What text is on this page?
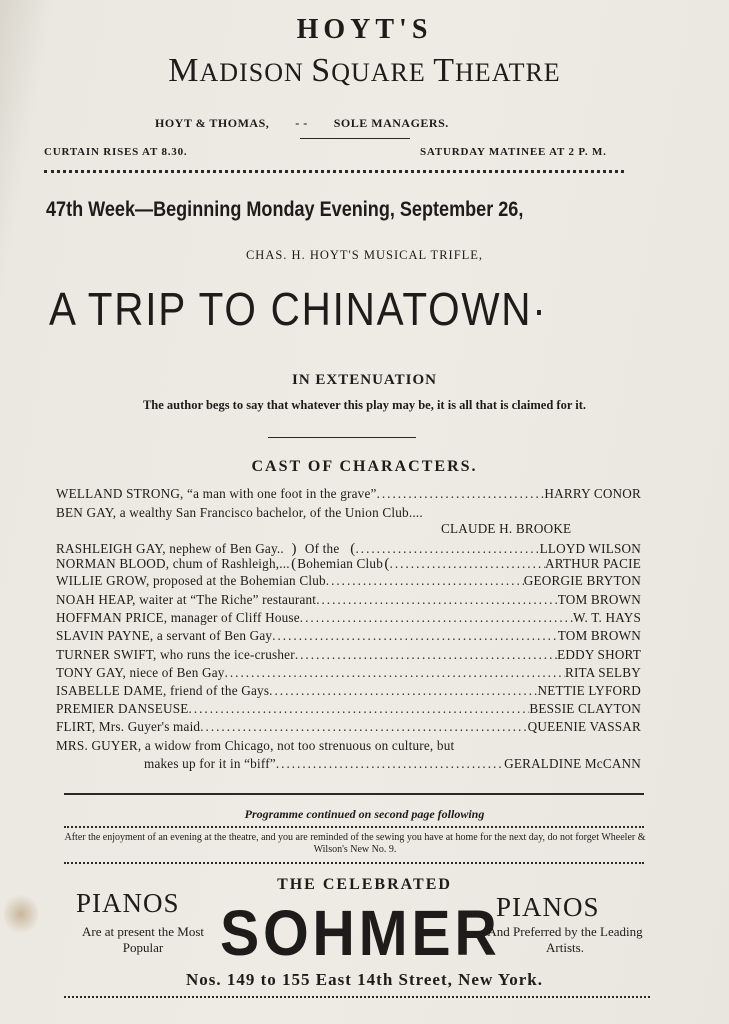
HOYT'S
MADISON SQUARE THEATRE
HOYT & THOMAS, - - SOLE MANAGERS.
CURTAIN RISES AT 8.30.	SATURDAY MATINEE AT 2 P. M.
47th Week—Beginning Monday Evening, September 26,
CHAS. H. HOYT'S MUSICAL TRIFLE,
A TRIP TO CHINATOWN·
IN EXTENUATION
The author begs to say that whatever this play may be, it is all that is claimed for it.
CAST OF CHARACTERS.
WELLAND STRONG, “a man with one foot in the grave” .....	HARRY CONOR
BEN GAY, a wealthy San Francisco bachelor, of the Union Club....
CLAUDE H. BROOKE
RASHLEIGH GAY, nephew of Ben Gay.. ) Of the ( .....	LLOYD WILSON
NORMAN BLOOD, chum of Rashleigh,... ( Bohemian Club ( .....	ARTHUR PACIE
WILLIE GROW, proposed at the Bohemian Club .....	GEORGIE BRYTON
NOAH HEAP, waiter at “The Riche” restaurant .....	TOM BROWN
HOFFMAN PRICE, manager of Cliff House .....	W. T. HAYS
SLAVIN PAYNE, a servant of Ben Gay .....	TOM BROWN
TURNER SWIFT, who runs the ice-crusher .....	EDDY SHORT
TONY GAY, niece of Ben Gay .....	RITA SELBY
ISABELLE DAME, friend of the Gays .....	NETTIE LYFORD
PREMIER DANSEUSE .....	BESSIE CLAYTON
FLIRT, Mrs. Guyer's maid .....	QUEENIE VASSAR
MRS. GUYER, a widow from Chicago, not too strenuous on culture, but
makes up for it in “biff” .....	GERALDINE McCANN
Programme continued on second page following
After the enjoyment of an evening at the theatre, and you are reminded of the sewing you have at home for the next day, do not forget Wheeler & Wilson's New No. 9.
THE CELEBRATED
PIANOS
Are at present the Most Popular SOHMER
PIANOS
And Preferred by the Leading Artists.
Nos. 149 to 155 East 14th Street, New York.
